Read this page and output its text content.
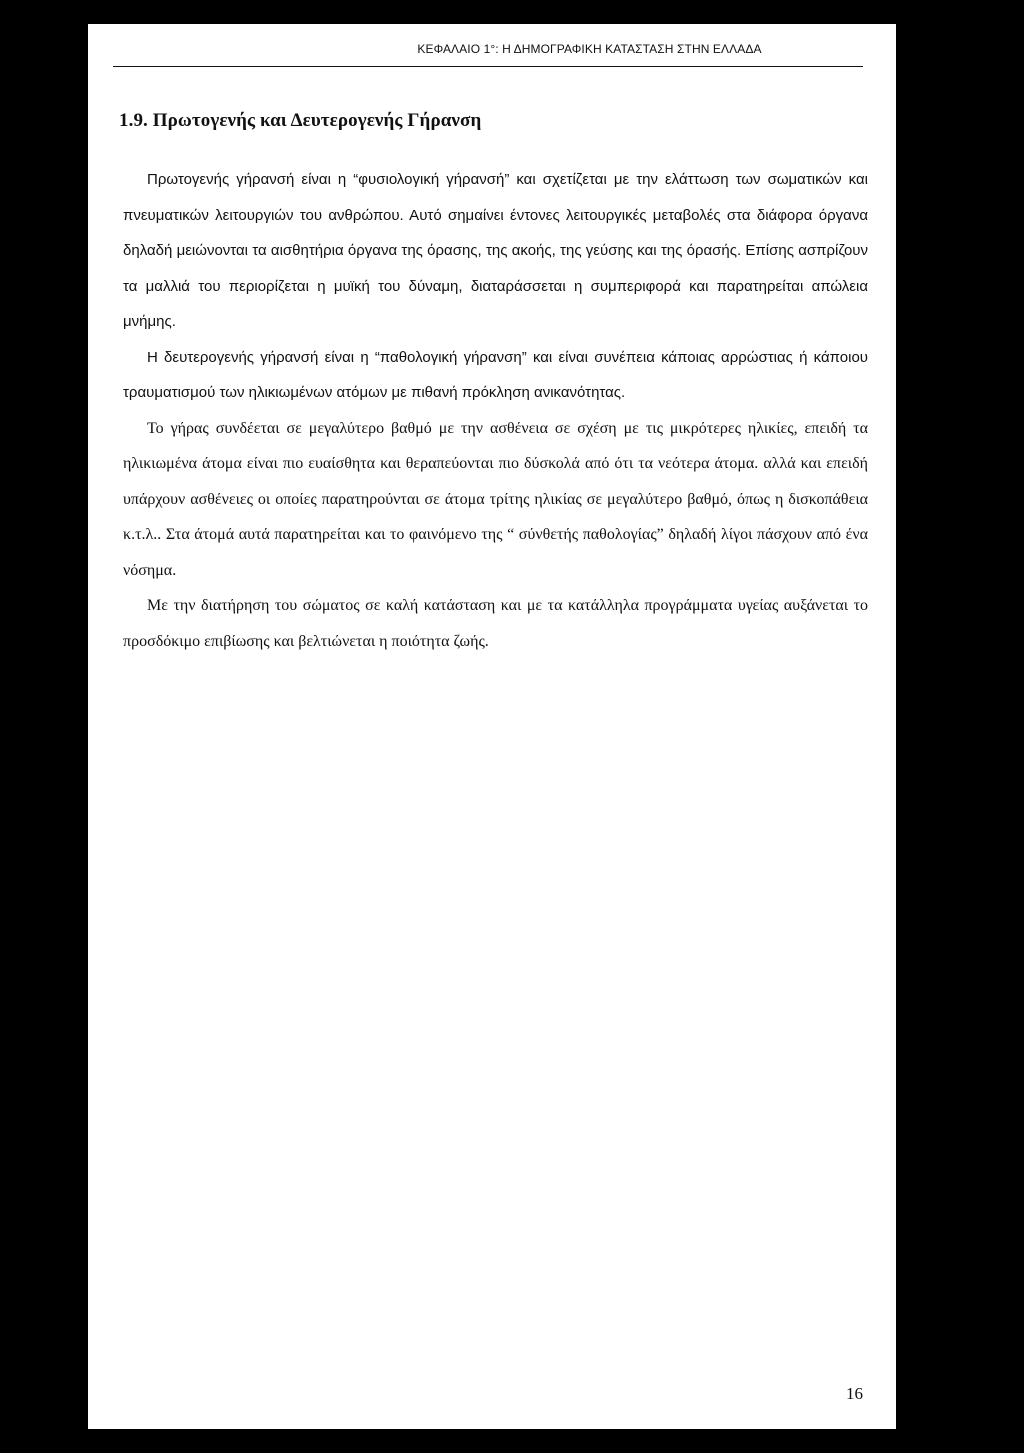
ΚΕΦΑΛΑΙΟ 1°: Η ΔΗΜΟΓΡΑΦΙΚΗ ΚΑΤΑΣΤΑΣΗ ΣΤΗΝ ΕΛΛΑΔΑ
1.9. Πρωτογενής και Δευτερογενής Γήρανση

Πρωτογενής γήρανσή είναι η “φυσιολογική γήρανσή” και σχετίζεται με την ελάττωση των σωματικών και πνευματικών λειτουργιών του ανθρώπου. Αυτό σημαίνει έντονες λειτουργικές μεταβολές στα διάφορα όργανα δηλαδή μειώνονται τα αισθητήρια όργανα της όρασης, της ακοής, της γεύσης και της όρασής. Επίσης ασπρίζουν τα μαλλιά του περιορίζεται η μυϊκή του δύναμη, διαταράσσεται η συμπεριφορά και παρατηρείται απώλεια μνήμης.

Η δευτερογενής γήρανσή είναι η “παθολογική γήρανση” και είναι συνέπεια κάποιας αρρώστιας ή κάποιου τραυματισμού των ηλικιωμένων ατόμων με πιθανή πρόκληση ανικανότητας.

Το γήρας συνδέεται σε μεγαλύτερο βαθμό με την ασθένεια σε σχέση με τις μικρότερες ηλικίες, επειδή τα ηλικιωμένα άτομα είναι πιο ευαίσθητα και θεραπεύονται πιο δύσκολά από ότι τα νεότερα άτομα. αλλά και επειδή υπάρχουν ασθένειες οι οποίες παρατηρούνται σε άτομα τρίτης ηλικίας σε μεγαλύτερο βαθμό, όπως η δισκοπάθεια κ.τ.λ.. Στα άτομά αυτά παρατηρείται και το φαινόμενο της “ σύνθετής παθολογίας” δηλαδή λίγοι πάσχουν από ένα νόσημα.

Με την διατήρηση του σώματος σε καλή κατάσταση και με τα κατάλληλα προγράμματα υγείας αυξάνεται το προσδόκιμο επιβίωσης και βελτιώνεται η ποιότητα ζωής.

16
